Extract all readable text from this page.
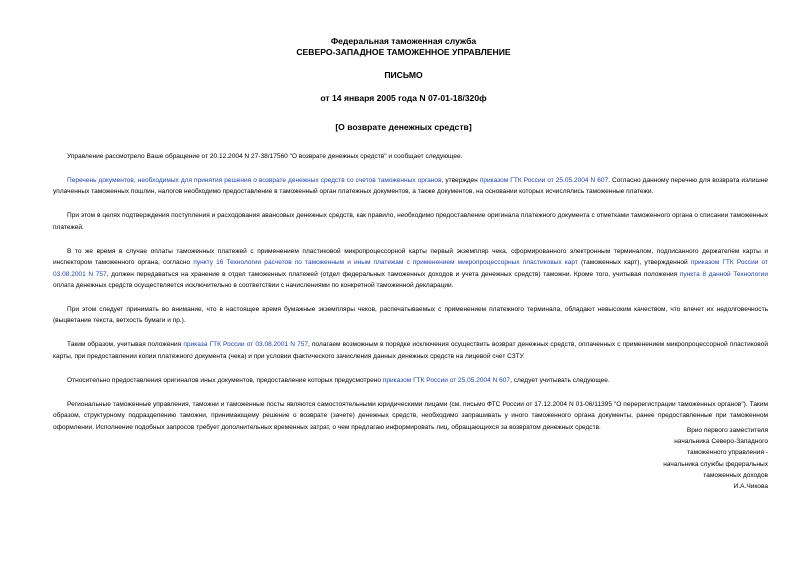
Федеральная таможенная служба
СЕВЕРО-ЗАПАДНОЕ ТАМОЖЕННОЕ УПРАВЛЕНИЕ
ПИСЬМО
от 14 января 2005 года N 07-01-18/320ф
[О возврате денежных средств]

Управление рассмотрело Ваше обращение от 20.12.2004 N 27-38/17560 "О возврате денежных средств" и сообщает следующее.

Перечень документов, необходимых для принятия решения о возврате денежных средств со счетов таможенных органов, утвержден приказом ГТК России от 25.05.2004 N 607. Согласно данному перечню для возврата излишне уплаченных таможенных пошлин, налогов необходимо предоставление в таможенный орган платежных документов, а также документов, на основании которых исчислялись таможенные платежи.

При этом в целях подтверждения поступления и расходования авансовых денежных средств, как правило, необходимо предоставление оригинала платежного документа с отметками таможенного органа о списании таможенных платежей.

В то же время в случае оплаты таможенных платежей с применением пластиковой микропроцессорной карты первый экземпляр чека, сформированного электронным терминалом, подписанного держателем карты и инспектором таможенного органа, согласно пункту 16 Технологии расчетов по таможенным и иным платежам с применением микропроцессорных пластиковых карт (таможенных карт), утвержденной приказом ГТК России от 03.08.2001 N 757, должен передаваться на хранение в отдел таможенных платежей (отдел федеральных таможенных доходов и учета денежных средств) таможни. Кроме того, учитывая положения пункта 8 данной Технологии оплата денежных средств осуществляется исключительно в соответствии с начислениями по конкретной таможенной декларации.

При этом следует принимать во внимание, что в настоящее время бумажные экземпляры чеков, распечатываемых с применением платежного терминала, обладают невысоким качеством, что влечет их недолговечность (выцветание текста, ветхость бумаги и пр.).

Таким образом, учитывая положения приказа ГТК России от 03.08.2001 N 757, полагаем возможным в порядке исключения осуществить возврат денежных средств, оплаченных с применением микропроцессорной пластиковой карты, при предоставлении копии платежного документа (чека) и при условии фактического зачисления данных денежных средств на лицевой счет СЗТУ.

Относительно предоставления оригиналов иных документов, предоставление которых предусмотрено приказом ГТК России от 25.05.2004 N 607, следует учитывать следующее.

Региональные таможенные управления, таможни и таможенные посты являются самостоятельными юридическими лицами (см. письмо ФТС России от 17.12.2004 N 01-06/11395 "О перерегистрации таможенных органов"). Таким образом, структурному подразделению таможни, принимающему решение о возврате (зачете) денежных средств, необходимо запрашивать у иного таможенного органа документы, ранее предоставленные при таможенном оформлении. Исполнение подобных запросов требует дополнительных временных затрат, о чем предлагаю информировать лиц, обращающихся за возвратом денежных средств.	Врио первого заместителя
начальника Северо-Западного
таможенного управления -
начальника службы федеральных
таможенных доходов
И.А.Чикова
